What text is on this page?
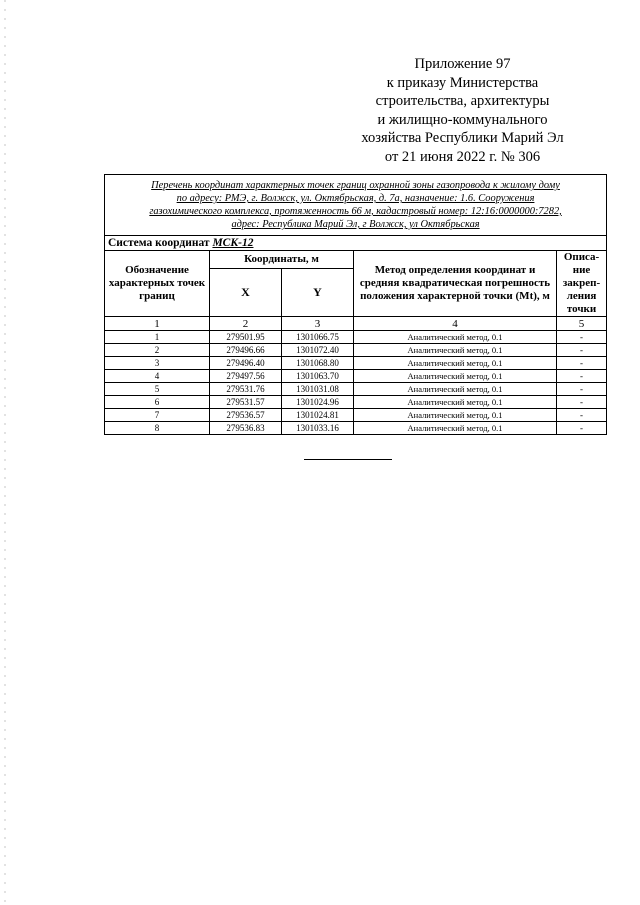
Приложение 97
к приказу Министерства
строительства, архитектуры
и жилищно-коммунального
хозяйства Республики Марий Эл
от 21 июня 2022 г. № 306
Перечень координат характерных точек границ охранной зоны газопровода к жилому дому
по адресу: РМЭ, г. Волжск, ул. Октябрьская, д. 7а, назначение: 1.6. Сооружения
газохимического комплекса, протяженность 66 м, кадастровый номер: 12:16:0000000:7282,
адрес: Республика Марий Эл, г Волжск, ул Октябрьская				

Система координат МСК-12				
Обозначение характерных точек границ	Координаты, м		Метод определения координат и средняя квадратическая погрешность положения характерной точки (Mt), м	Описа-ние закреп-ления точки
	X	Y		
1	2	3	4	5
1	279501.95	1301066.75	Аналитический метод, 0.1	-
2	279496.66	1301072.40	Аналитический метод, 0.1	-
3	279496.40	1301068.80	Аналитический метод, 0.1	-
4	279497.56	1301063.70	Аналитический метод, 0.1	-
5	279531.76	1301031.08	Аналитический метод, 0.1	-
6	279531.57	1301024.96	Аналитический метод, 0.1	-
7	279536.57	1301024.81	Аналитический метод, 0.1	-
8	279536.83	1301033.16	Аналитический метод, 0.1	-
